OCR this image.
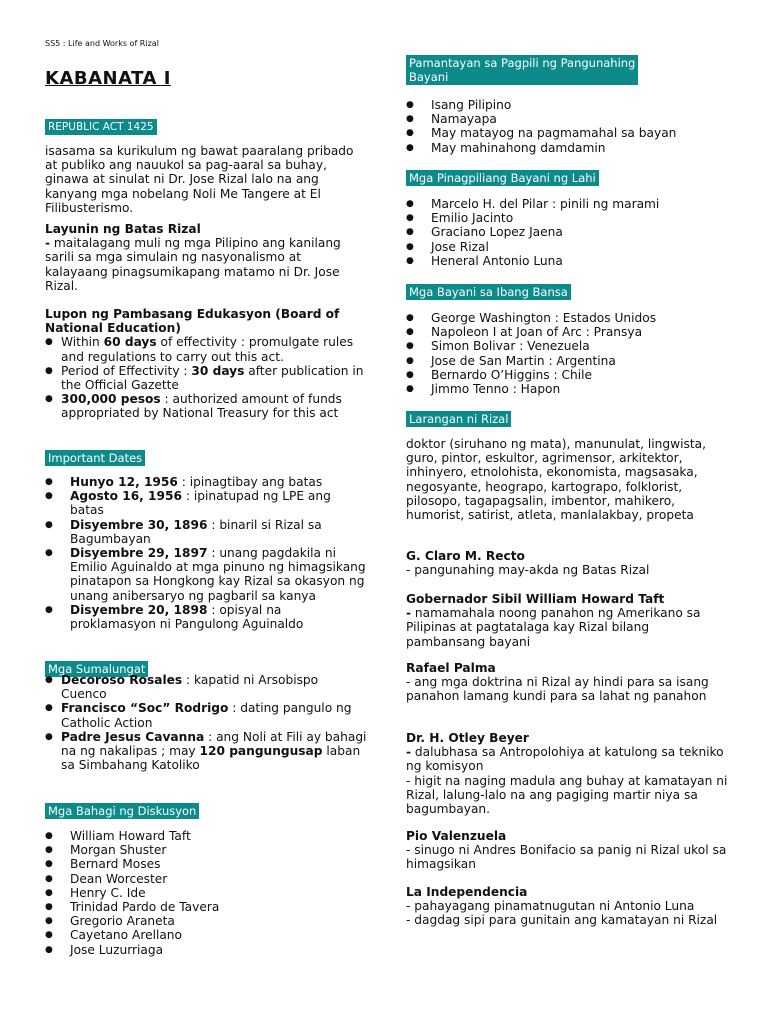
SS5 : Life and Works of Rizal
KABANATA I
REPUBLIC ACT 1425

isasama sa kurikulum ng bawat paaralang pribado at publiko ang nauukol sa pag-aaral sa buhay, ginawa at sinulat ni Dr. Jose Rizal lalo na ang kanyang mga nobelang Noli Me Tangere at El Filibusterismo.

Layunin ng Batas Rizal

- maitalagang muli ng mga Pilipino ang kanilang sarili sa mga simulain ng nasyonalismo at kalayaang pinagsumikapang matamo ni Dr. Jose Rizal.

Lupon ng Pambasang Edukasyon (Board of National Education)

● Within 60 days of effectivity : promulgate rules and regulations to carry out this act.
● Period of Effectivity : 30 days after publication in the Official Gazette
● 300,000 pesos : authorized amount of funds appropriated by National Treasury for this act
Important Dates
● Hunyo 12, 1956 : ipinagtibay ang batas
● Agosto 16, 1956 : ipinatupad ng LPE ang batas
● Disyembre 30, 1896 : binaril si Rizal sa Bagumbayan
● Disyembre 29, 1897 : unang pagdakila ni Emilio Aguinaldo at mga pinuno ng himagsikang pinatapon sa Hongkong kay Rizal sa okasyon ng unang anibersaryo ng pagbaril sa kanya
● Disyembre 20, 1898 : opisyal na proklamasyon ni Pangulong Aguinaldo
Mga Sumalungat
● Decoroso Rosales : kapatid ni Arsobispo Cuenco
● Francisco “Soc” Rodrigo : dating pangulo ng Catholic Action
● Padre Jesus Cavanna : ang Noli at Fili ay bahagi na ng nakalipas ; may 120 pangungusap laban sa Simbahang Katoliko
Mga Bahagi ng Diskusyon
● William Howard Taft
● Morgan Shuster
● Bernard Moses
● Dean Worcester
● Henry C. Ide
● Trinidad Pardo de Tavera
● Gregorio Araneta
● Cayetano Arellano
● Jose Luzurriaga
Pamantayan sa Pagpili ng Pangunahing
Bayani
● Isang Pilipino
● Namayapa
● May matayog na pagmamahal sa bayan
● May mahinahong damdamin
Mga Pinagpiliang Bayani ng Lahi
● Marcelo H. del Pilar : pinili ng marami
● Emilio Jacinto
● Graciano Lopez Jaena
● Jose Rizal
● Heneral Antonio Luna
Mga Bayani sa Ibang Bansa
● George Washington : Estados Unidos
● Napoleon I at Joan of Arc : Pransya
● Simon Bolivar : Venezuela
● Jose de San Martin : Argentina
● Bernardo O’Higgins : Chile
● Jimmo Tenno : Hapon
Larangan ni Rizal

doktor (siruhano ng mata), manunulat, lingwista, guro, pintor, eskultor, agrimensor, arkitektor, inhinyero, etnolohista, ekonomista, magsasaka, negosyante, heograpo, kartograpo, folklorist, pilosopo, tagapagsalin, imbentor, mahikero, humorist, satirist, atleta, manlalakbay, propeta

G. Claro M. Recto

- pangunahing may-akda ng Batas Rizal

Gobernador Sibil William Howard Taft

- namamahala noong panahon ng Amerikano sa Pilipinas at pagtatalaga kay Rizal bilang pambansang bayani

Rafael Palma

- ang mga doktrina ni Rizal ay hindi para sa isang panahon lamang kundi para sa lahat ng panahon

Dr. H. Otley Beyer

- dalubhasa sa Antropolohiya at katulong sa tekniko ng komisyon

- higit na naging madula ang buhay at kamatayan ni Rizal, lalung-lalo na ang pagiging martir niya sa bagumbayan.

Pio Valenzuela

- sinugo ni Andres Bonifacio sa panig ni Rizal ukol sa himagsikan

La Independencia

- pahayagang pinamatnugutan ni Antonio Luna

- dagdag sipi para gunitain ang kamatayan ni Rizal
